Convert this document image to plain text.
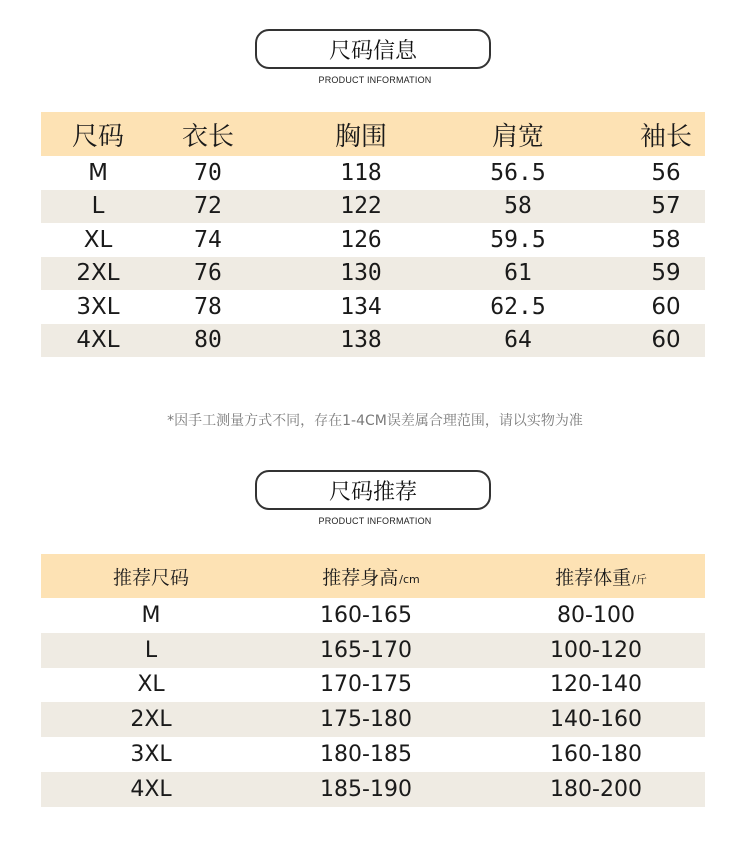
尺码信息
PRODUCT INFORMATION
尺码	衣长	胸围	肩宽	袖长
M	70	118	56.5	56
L	72	122	58	57
XL	74	126	59.5	58
2XL	76	130	61	59
3XL	78	134	62.5	60
4XL	80	138	64	60
*因手工测量方式不同，存在1-4CM误差属合理范围，请以实物为准
尺码推荐
PRODUCT INFORMATION
推荐尺码	推荐身高 /cm	推荐体重 /斤
M	160-165	80-100
L	165-170	100-120
XL	170-175	120-140
2XL	175-180	140-160
3XL	180-185	160-180
4XL	185-190	180-200
